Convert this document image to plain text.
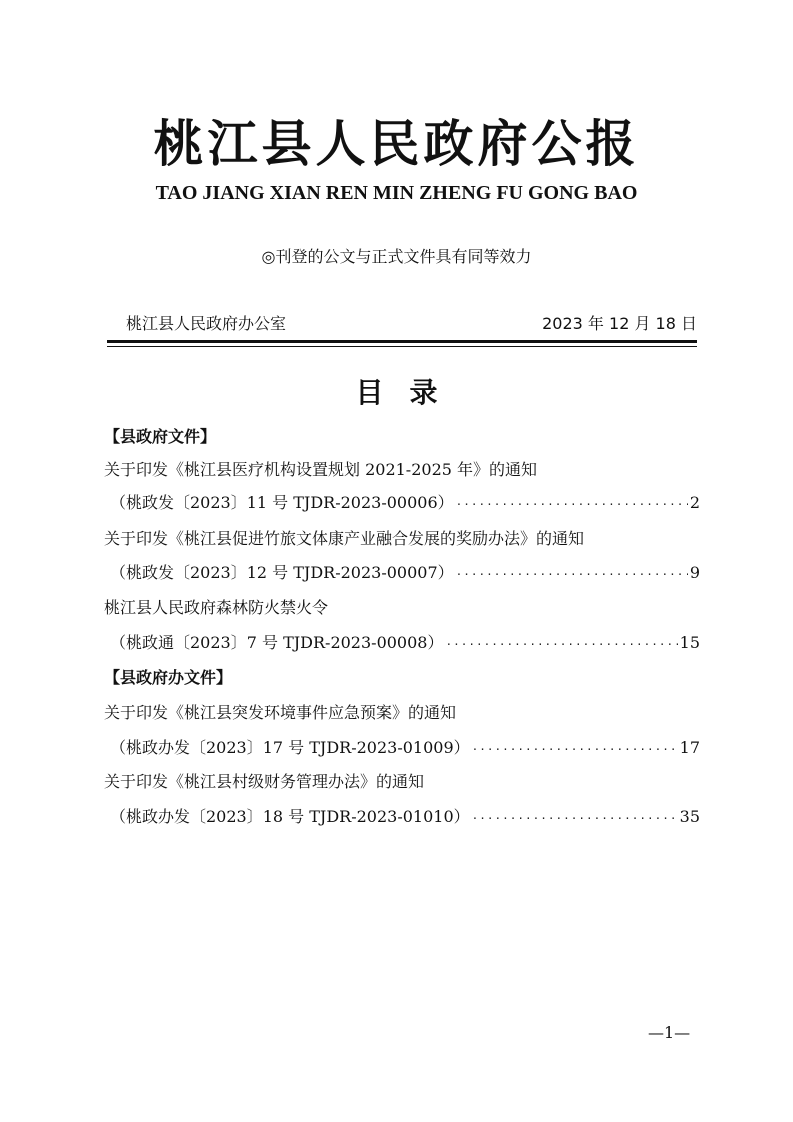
桃江县人民政府公报
TAO JIANG XIAN REN MIN ZHENG FU GONG BAO
◎刊登的公文与正式文件具有同等效力
桃江县人民政府办公室	2023 年 12 月 18 日
目录
【县政府文件】
关于印发《桃江县医疗机构设置规划 2021-2025 年》的通知
（桃政发〔2023〕11 号 TJDR-2023-00006） ·····	2
关于印发《桃江县促进竹旅文体康产业融合发展的奖励办法》的通知
（桃政发〔2023〕12 号 TJDR-2023-00007） ·····	9
桃江县人民政府森林防火禁火令
（桃政通〔2023〕7 号 TJDR-2023-00008） ·····	15
【县政府办文件】
关于印发《桃江县突发环境事件应急预案》的通知
（桃政办发〔2023〕17 号 TJDR-2023-01009） ·····	17
关于印发《桃江县村级财务管理办法》的通知
（桃政办发〔2023〕18 号 TJDR-2023-01010） ·····	35
—1—
